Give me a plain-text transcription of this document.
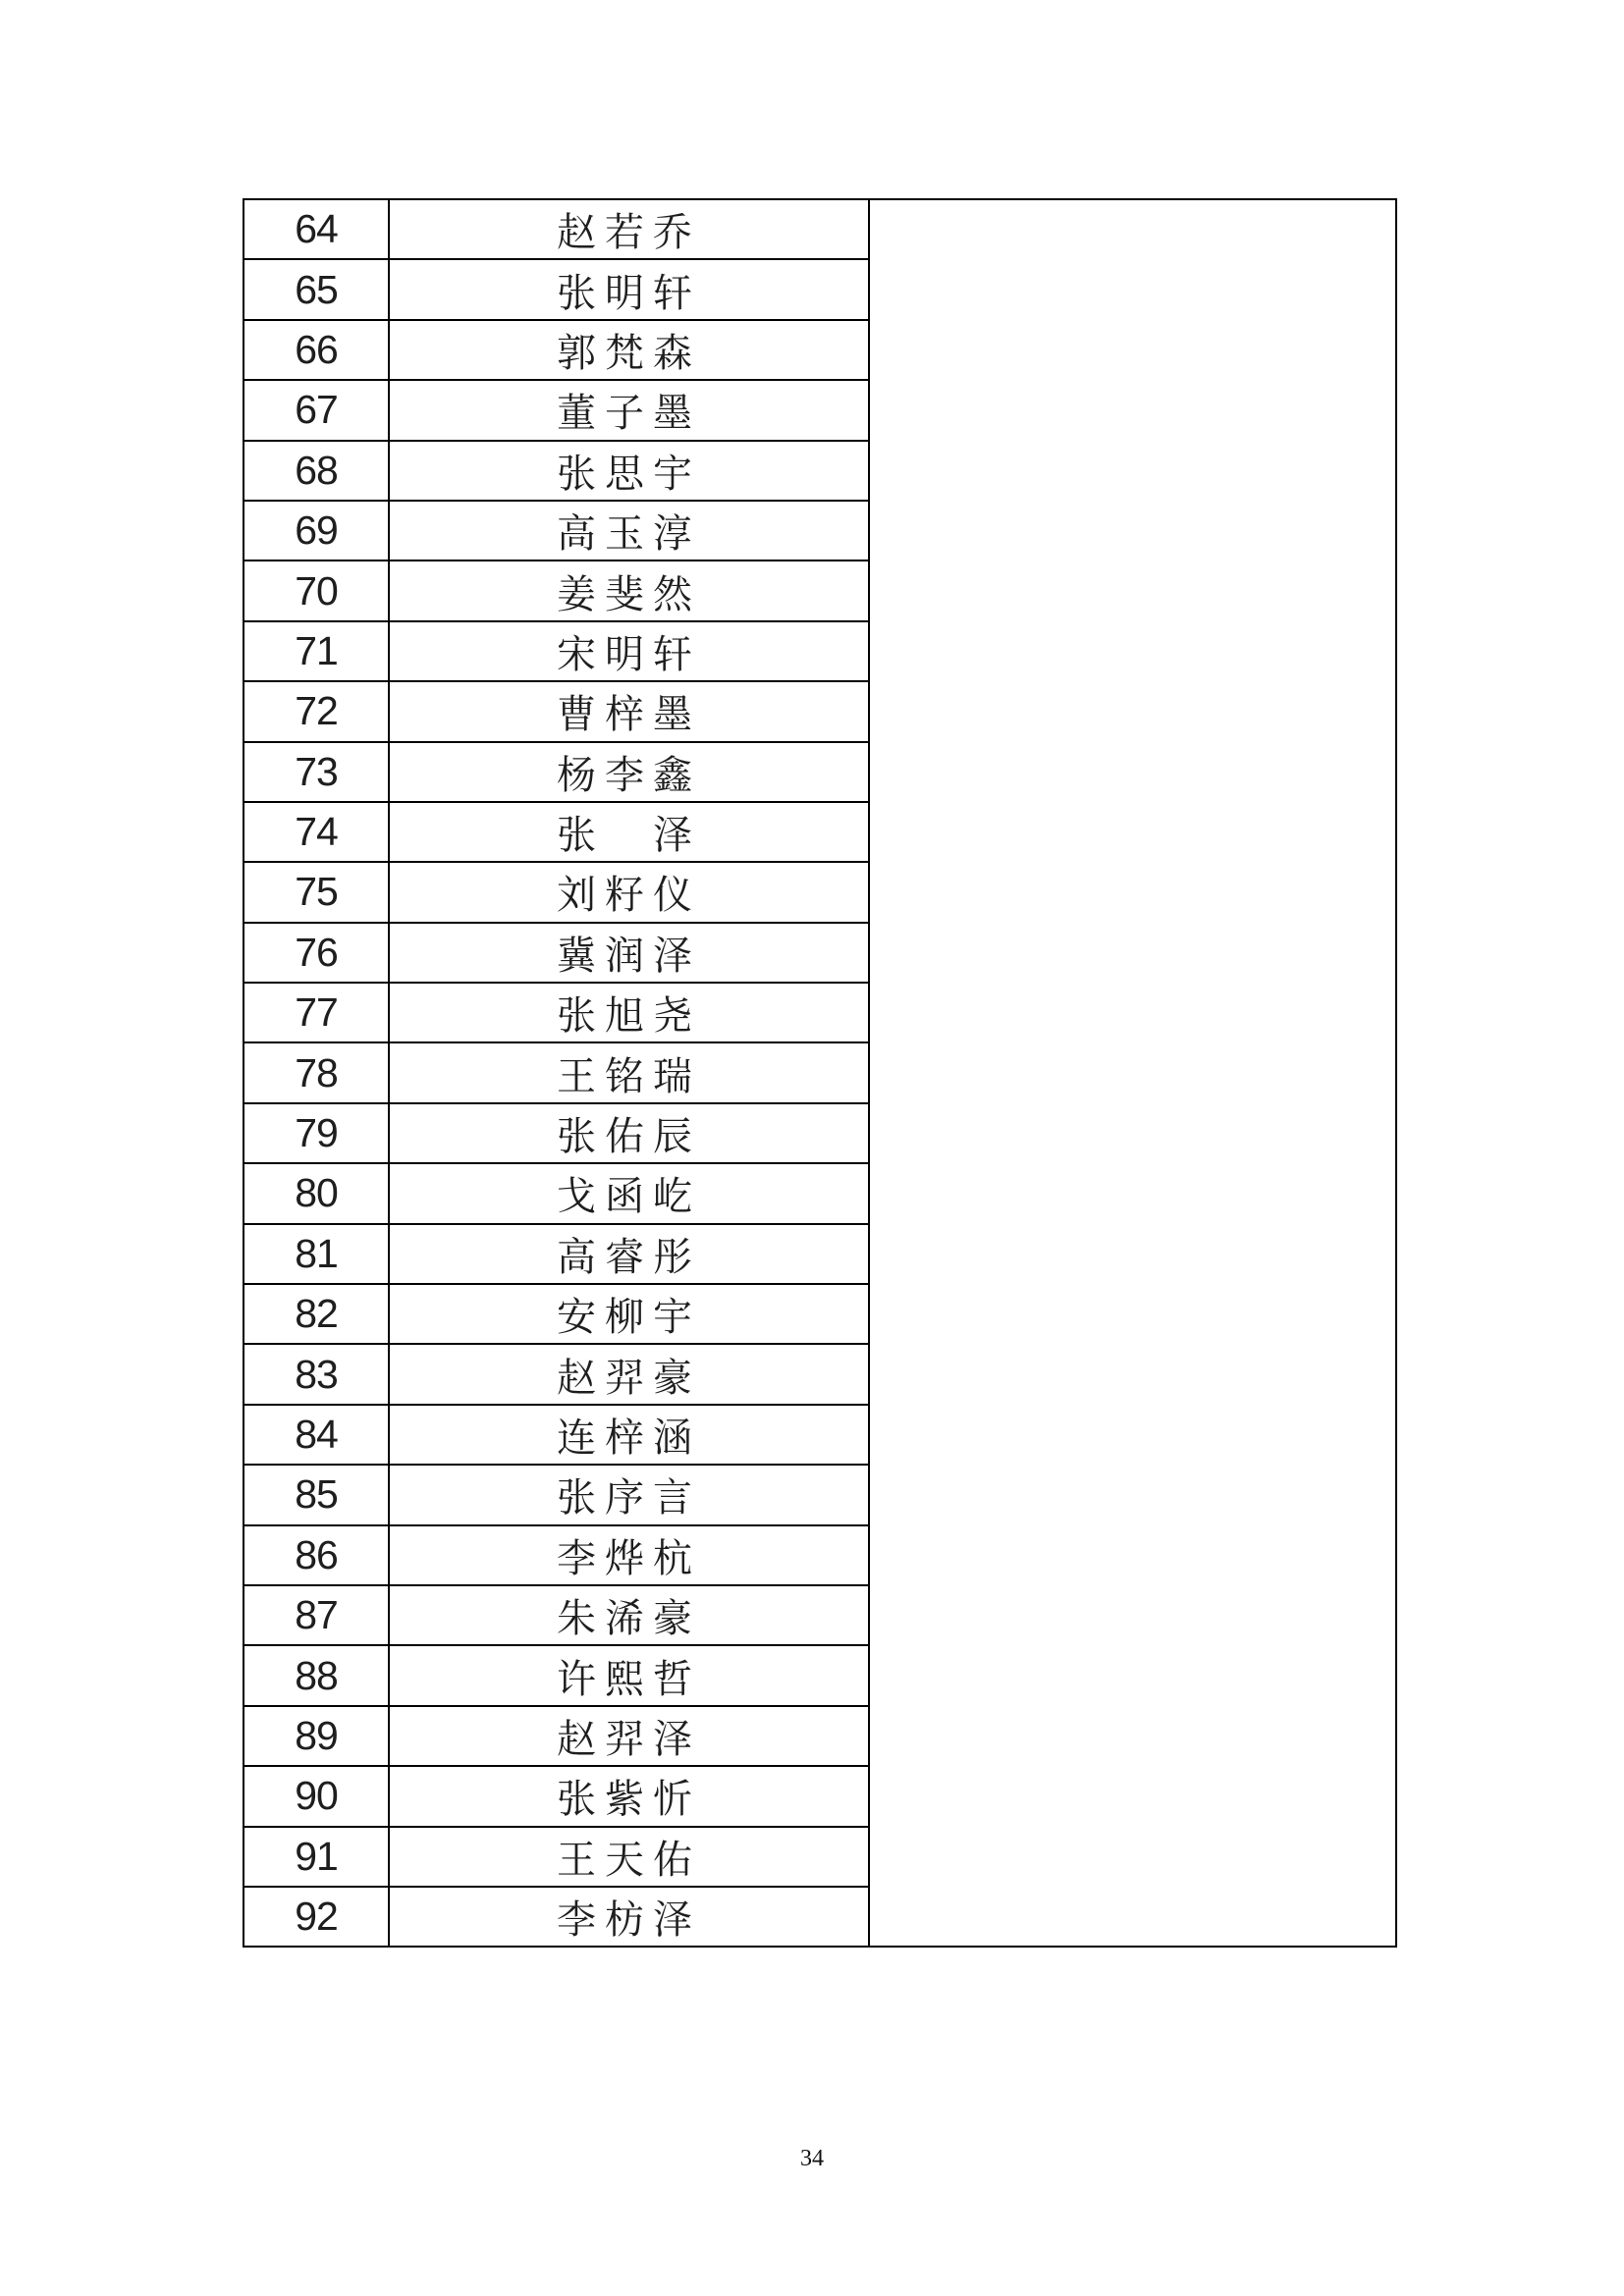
64	赵若乔	
65	张明轩	
66	郭梵森	
67	董子墨	
68	张思宇	
69	高玉淳	
70	姜斐然	
71	宋明轩	
72	曹梓墨	
73	杨李鑫	
74	张　泽	
75	刘籽仪	
76	冀润泽	
77	张旭尧	
78	王铭瑞	
79	张佑辰	
80	戈函屹	
81	高睿彤	
82	安柳宇	
83	赵羿豪	
84	连梓涵	
85	张序言	
86	李烨杭	
87	朱浠豪	
88	许熙哲	
89	赵羿泽	
90	张紫忻	
91	王天佑	
92	李枋泽	
34
